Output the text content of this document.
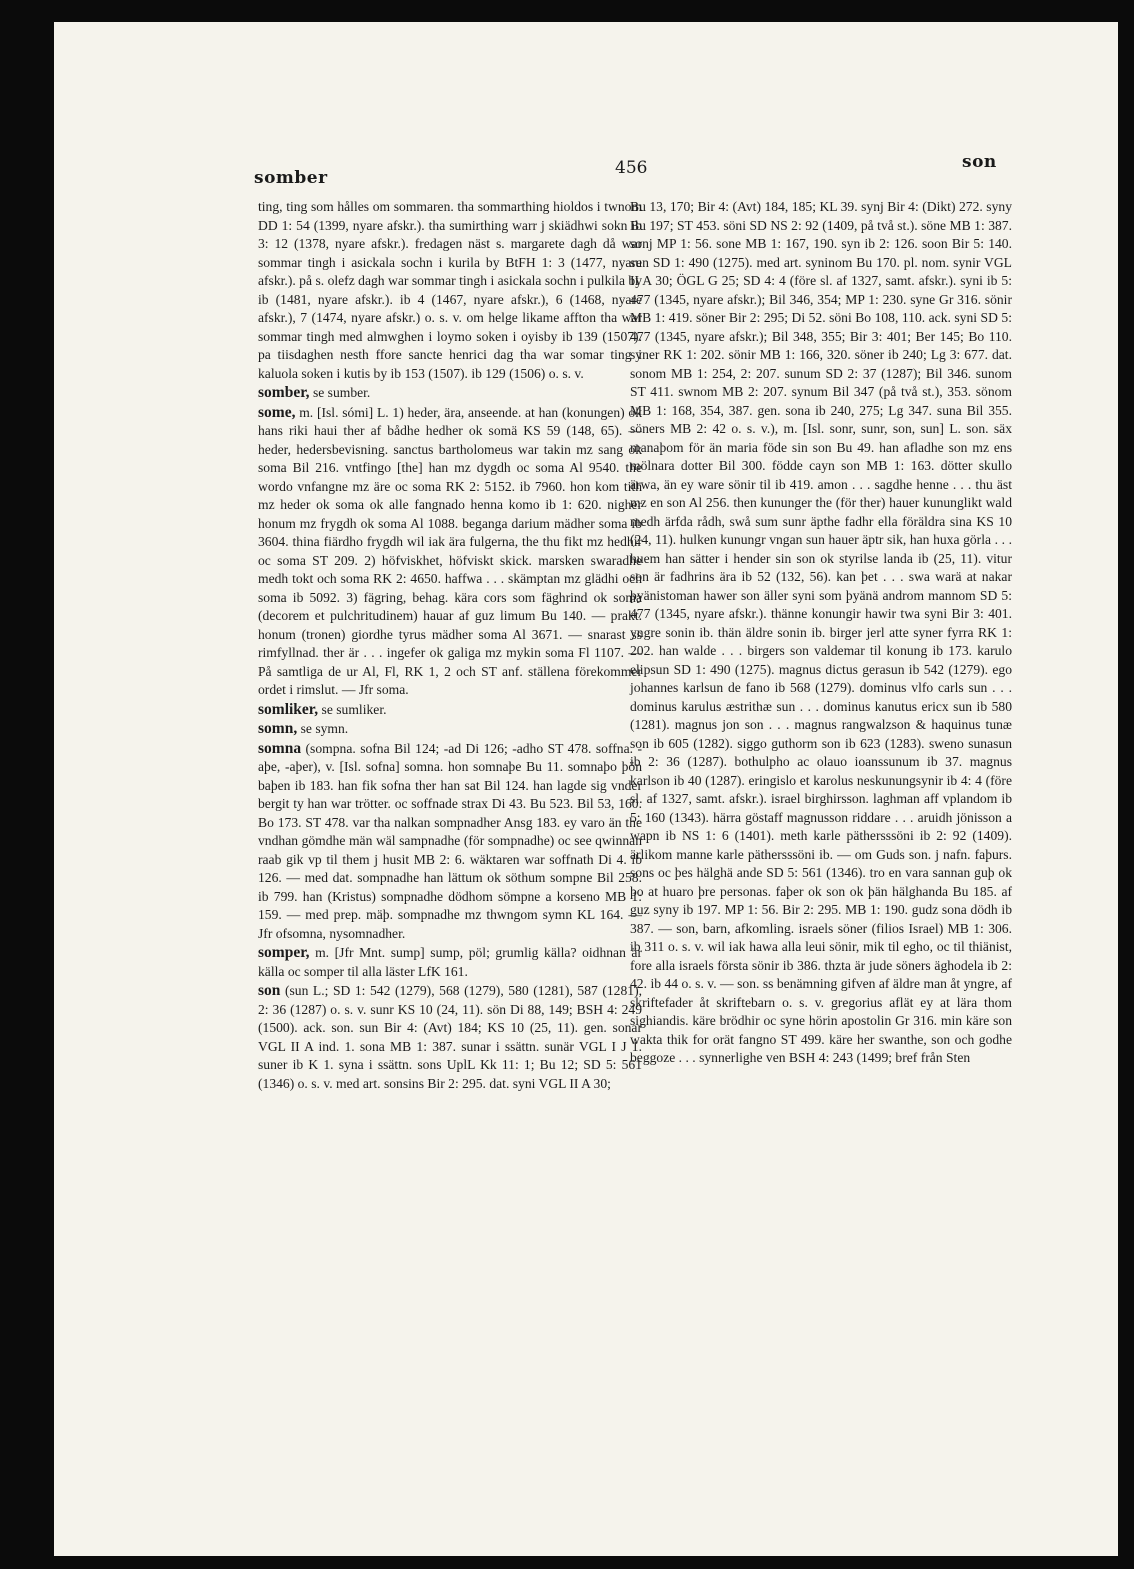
somber	456	son

ting, ting som hålles om sommaren. tha sommarthing hioldos i twnom DD 1: 54 (1399, nyare afskr.). tha sumirthing warr j skiädhwi sokn ib 3: 12 (1378, nyare afskr.). fredagen näst s. margarete dagh då war sommar tingh i asickala sochn i kurila by BtFH 1: 3 (1477, nyare afskr.). på s. olefz dagh war sommar tingh i asickala sochn i pulkila by ib (1481, nyare afskr.). ib 4 (1467, nyare afskr.), 6 (1468, nyare afskr.), 7 (1474, nyare afskr.) o. s. v. om helge likame affton tha war sommar tingh med almwghen i loymo soken i oyisby ib 139 (1507). pa tiisdaghen nesth ffore sancte henrici dag tha war somar ting i kaluola soken i kutis by ib 153 (1507). ib 129 (1506) o. s. v.

somber, se sumber.

some, m. [Isl. sómi] L. 1) heder, ära, anseende. at han (konungen) ok hans riki haui ther af bådhe hedher ok somä KS 59 (148, 65). — heder, hedersbevisning. sanctus bartholomeus war takin mz sang ok soma Bil 216. vntfingo [the] han mz dygdh oc soma Al 9540. the wordo vnfangne mz äre oc soma RK 2: 5152. ib 7960. hon kom tith mz heder ok soma ok alle fangnado henna komo ib 1: 620. nigher honum mz frygdh ok soma Al 1088. beganga darium mädher soma ib 3604. thina fiärdho frygdh wil iak ära fulgerna, the thu fikt mz hedhir oc soma ST 209. 2) höfviskhet, höfviskt skick. marsken swaradhe medh tokt och soma RK 2: 4650. haffwa . . . skämptan mz glädhi och soma ib 5092. 3) fägring, behag. kära cors som fäghrind ok soma (decorem et pulchritudinem) hauar af guz limum Bu 140. — prakt. honum (tronen) giordhe tyrus mädher soma Al 3671. — snarast ss rimfyllnad. ther är . . . ingefer ok galiga mz mykin soma Fl 1107. — På samtliga de ur Al, Fl, RK 1, 2 och ST anf. ställena förekommer ordet i rimslut. — Jfr soma.

somliker, se sumliker.

somn, se symn.

somna (sompna. sofna Bil 124; -ad Di 126; -adho ST 478. soffna. -aþe, -aþer), v. [Isl. sofna] somna. hon somnaþe Bu 11. somnaþo þön baþen ib 183. han fik sofna ther han sat Bil 124. han lagde sig vnder bergit ty han war trötter. oc soffnade strax Di 43. Bu 523. Bil 53, 160. Bo 173. ST 478. var tha nalkan sompnadher Ansg 183. ey varo än the vndhan gömdhe män wäl sampnadhe (för sompnadhe) oc see qwinnan raab gik vp til them j husit MB 2: 6. wäktaren war soffnath Di 4. ib 126. — med dat. sompnadhe han lättum ok söthum sompne Bil 258. ib 799. han (Kristus) sompnadhe dödhom sömpne a korseno MB 1: 159. — med prep. mäþ. sompnadhe mz thwngom symn KL 164. — Jfr ofsomna, nysomnadher.

somper, m. [Jfr Mnt. sump] sump, pöl; grumlig källa? oidhnan är källa oc somper til alla läster LfK 161.

son (sun L.; SD 1: 542 (1279), 568 (1279), 580 (1281), 587 (1281), 2: 36 (1287) o. s. v. sunr KS 10 (24, 11). sön Di 88, 149; BSH 4: 249 (1500). ack. son. sun Bir 4: (Avt) 184; KS 10 (25, 11). gen. sonar VGL II A ind. 1. sona MB 1: 387. sunar i ssättn. sunär VGL I J 1. suner ib K 1. syna i ssättn. sons UplL Kk 11: 1; Bu 12; SD 5: 561 (1346) o. s. v. med art. sonsins Bir 2: 295. dat. syni VGL II A 30;

Bu 13, 170; Bir 4: (Avt) 184, 185; KL 39. synj Bir 4: (Dikt) 272. syny Bu 197; ST 453. söni SD NS 2: 92 (1409, på två st.). söne MB 1: 387. sonj MP 1: 56. sone MB 1: 167, 190. syn ib 2: 126. soon Bir 5: 140. sun SD 1: 490 (1275). med art. syninom Bu 170. pl. nom. synir VGL II A 30; ÖGL G 25; SD 4: 4 (före sl. af 1327, samt. afskr.). syni ib 5: 477 (1345, nyare afskr.); Bil 346, 354; MP 1: 230. syne Gr 316. sönir MB 1: 419. söner Bir 2: 295; Di 52. söni Bo 108, 110. ack. syni SD 5: 477 (1345, nyare afskr.); Bil 348, 355; Bir 3: 401; Ber 145; Bo 110. syner RK 1: 202. sönir MB 1: 166, 320. söner ib 240; Lg 3: 677. dat. sonom MB 1: 254, 2: 207. sunum SD 2: 37 (1287); Bil 346. sunom ST 411. swnom MB 2: 207. synum Bil 347 (på två st.), 353. sönom MB 1: 168, 354, 387. gen. sona ib 240, 275; Lg 347. suna Bil 355. söners MB 2: 42 o. s. v.), m. [Isl. sonr, sunr, son, sun] L. son. säx manaþom för än maria föde sin son Bu 49. han afladhe son mz ens mölnara dotter Bil 300. födde cayn son MB 1: 163. dötter skullo ärwa, än ey ware sönir til ib 419. amon . . . sagdhe henne . . . thu äst mz en son Al 256. then kununger the (för ther) hauer kununglikt wald medh ärfda rådh, swå sum sunr äpthe fadhr ella föräldra sina KS 10 (24, 11). hulken kunungr vngan sun hauer äptr sik, han huxa görla . . . huem han sätter i hender sin son ok styrilse landa ib (25, 11). vitur son är fadhrins ära ib 52 (132, 56). kan þet . . . swa warä at nakar þyänistoman hawer son äller syni som þyänä androm mannom SD 5: 477 (1345, nyare afskr.). thänne konungir hawir twa syni Bir 3: 401. yngre sonin ib. thän äldre sonin ib. birger jerl atte syner fyrra RK 1: 202. han walde . . . birgers son valdemar til konung ib 173. karulo elipsun SD 1: 490 (1275). magnus dictus gerasun ib 542 (1279). ego johannes karlsun de fano ib 568 (1279). dominus vlfo carls sun . . . dominus karulus æstrithæ sun . . . dominus kanutus ericx sun ib 580 (1281). magnus jon son . . . magnus rangwalzson & haquinus tunæ son ib 605 (1282). siggo guthorm son ib 623 (1283). sweno sunasun ib 2: 36 (1287). bothulpho ac olauo ioanssunum ib 37. magnus karlson ib 40 (1287). eringislo et karolus neskunungsynir ib 4: 4 (före sl. af 1327, samt. afskr.). israel birghirsson. laghman aff vplandom ib 5: 160 (1343). härra göstaff magnusson riddare . . . aruidh jönisson a wapn ib NS 1: 6 (1401). meth karle päthersssöni ib 2: 92 (1409). ärlikom manne karle päthersssöni ib. — om Guds son. j nafn. faþurs. sons oc þes hälghä ande SD 5: 561 (1346). tro en vara sannan guþ ok þo at huaro þre personas. faþer ok son ok þän hälghanda Bu 185. af guz syny ib 197. MP 1: 56. Bir 2: 295. MB 1: 190. gudz sona dödh ib 387. — son, barn, afkomling. israels söner (filios Israel) MB 1: 306. ib 311 o. s. v. wil iak hawa alla leui sönir, mik til egho, oc til thiänist, fore alla israels första sönir ib 386. thzta är jude söners äghodela ib 2: 42. ib 44 o. s. v. — son. ss benämning gifven af äldre man åt yngre, af skriftefader åt skriftebarn o. s. v. gregorius aflät ey at lära thom sighiandis. käre brödhir oc syne hörin apostolin Gr 316. min käre son wakta thik for orät fangno ST 499. käre her swanthe, son och godhe beggoze . . . synnerlighe ven BSH 4: 243 (1499; bref från Sten
